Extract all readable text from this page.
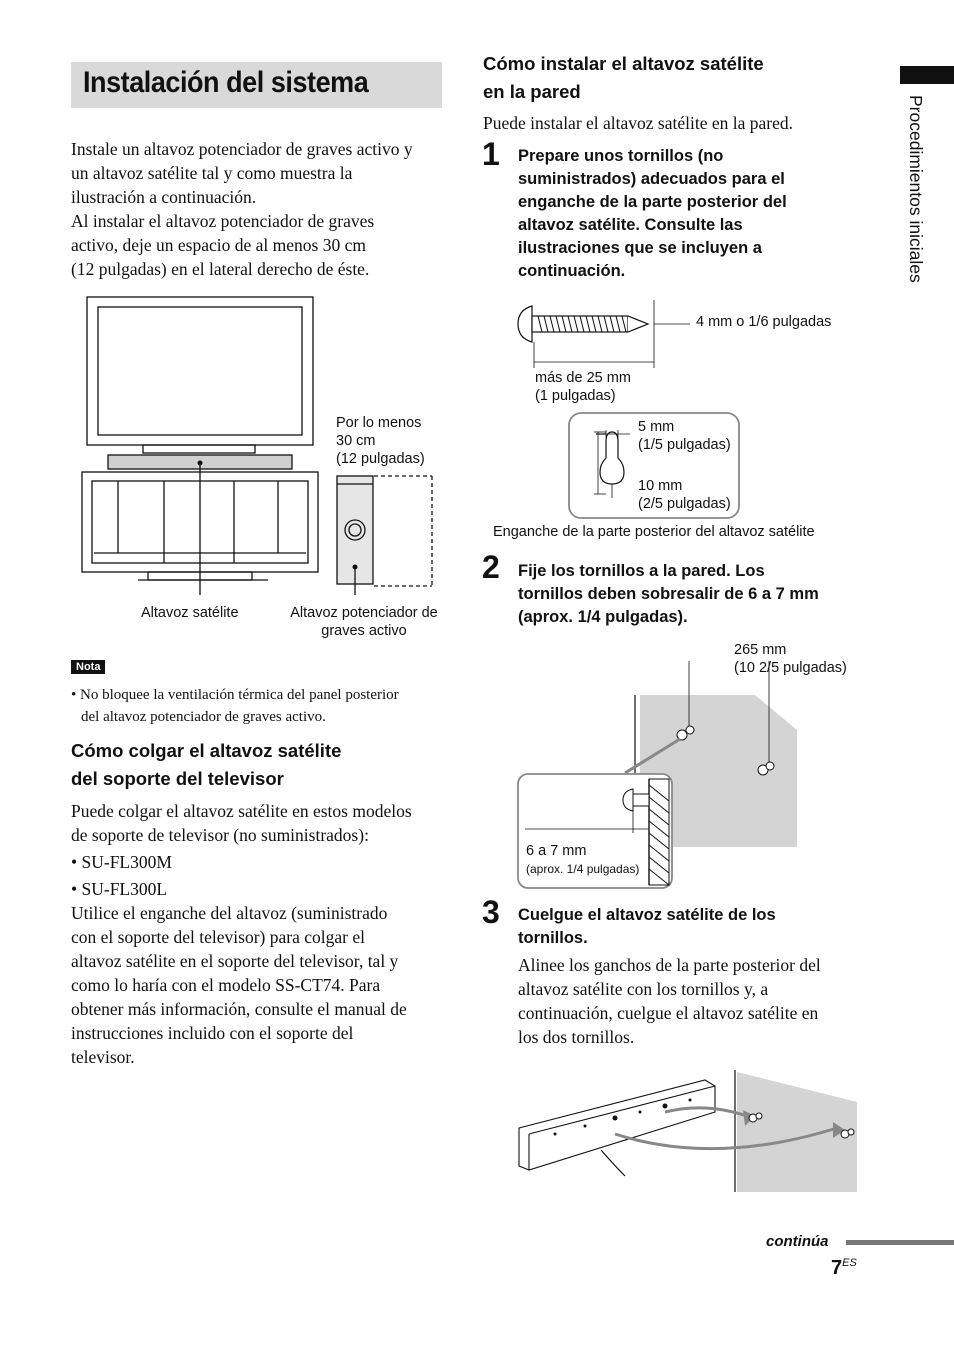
Procedimientos iniciales
Instalación del sistema

Instale un altavoz potenciador de graves activo y

un altavoz satélite tal y como muestra la

ilustración a continuación.

Al instalar el altavoz potenciador de graves

activo, deje un espacio de al menos 30 cm

(12 pulgadas) en el lateral derecho de éste.

Por lo menos
30 cm
(12 pulgadas)
Altavoz satélite	Altavoz potenciador de
graves activo
Nota
• No bloquee la ventilación térmica del panel posterior
del altavoz potenciador de graves activo.
Cómo colgar el altavoz satélite
del soporte del televisor

Puede colgar el altavoz satélite en estos modelos

de soporte de televisor (no suministrados):

• SU-FL300M

• SU-FL300L

Utilice el enganche del altavoz (suministrado

con el soporte del televisor) para colgar el

altavoz satélite en el soporte del televisor, tal y

como lo haría con el modelo SS-CT74. Para

obtener más información, consulte el manual de

instrucciones incluido con el soporte del

televisor.

Cómo instalar el altavoz satélite
en la pared
Puede instalar el altavoz satélite en la pared.
1 Prepare unos tornillos (no
suministrados) adecuados para el
enganche de la parte posterior del
altavoz satélite. Consulte las
ilustraciones que se incluyen a
continuación.
4 mm o 1/6 pulgadas
más de 25 mm
(1 pulgadas)
5 mm
(1/5 pulgadas)
10 mm
(2/5 pulgadas)
Enganche de la parte posterior del altavoz satélite
2 Fije los tornillos a la pared. Los
tornillos deben sobresalir de 6 a 7 mm
(aprox. 1/4 pulgadas).
265 mm
(10 2/5 pulgadas)
6 a 7 mm
(aprox. 1/4 pulgadas)
3 Cuelgue el altavoz satélite de los
tornillos.

Alinee los ganchos de la parte posterior del

altavoz satélite con los tornillos y, a

continuación, cuelgue el altavoz satélite en

los dos tornillos.

continúa
$7^{ES}$
